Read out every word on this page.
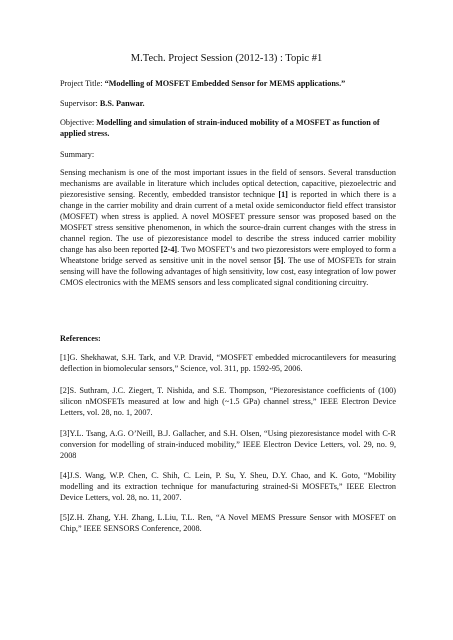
M.Tech. Project Session (2012-13) : Topic #1
Project Title: “Modelling of MOSFET Embedded Sensor for MEMS applications.”
Supervisor: B.S. Panwar.
Objective: Modelling and simulation of strain-induced mobility of a MOSFET as function of applied stress.
Summary:
Sensing mechanism is one of the most important issues in the field of sensors. Several transduction mechanisms are available in literature which includes optical detection, capacitive, piezoelectric and piezoresistive sensing. Recently, embedded transistor technique [1] is reported in which there is a change in the carrier mobility and drain current of a metal oxide semiconductor field effect transistor (MOSFET) when stress is applied. A novel MOSFET pressure sensor was proposed based on the MOSFET stress sensitive phenomenon, in which the source-drain current changes with the stress in channel region. The use of piezoresistance model to describe the stress induced carrier mobility change has also been reported [2-4]. Two MOSFET’s and two piezoresistors were employed to form a Wheatstone bridge served as sensitive unit in the novel sensor [5]. The use of MOSFETs for strain sensing will have the following advantages of high sensitivity, low cost, easy integration of low power CMOS electronics with the MEMS sensors and less complicated signal conditioning circuitry.
References:
[1]G. Shekhawat, S.H. Tark, and V.P. Dravid, “MOSFET embedded microcantilevers for measuring deflection in biomolecular sensors,” Science, vol. 311, pp. 1592-95, 2006.
[2]S. Suthram, J.C. Ziegert, T. Nishida, and S.E. Thompson, “Piezoresistance coefficients of (100) silicon nMOSFETs measured at low and high (~1.5 GPa) channel stress,” IEEE Electron Device Letters, vol. 28, no. 1, 2007.
[3]Y.L. Tsang, A.G. O’Neill, B.J. Gallacher, and S.H. Olsen, “Using piezoresistance model with C-R conversion for modelling of strain-induced mobility,” IEEE Electron Device Letters, vol. 29, no. 9, 2008
[4]J.S. Wang, W.P. Chen, C. Shih, C. Lein, P. Su, Y. Sheu, D.Y. Chao, and K. Goto, “Mobility modelling and its extraction technique for manufacturing strained-Si MOSFETs,” IEEE Electron Device Letters, vol. 28, no. 11, 2007.
[5]Z.H. Zhang, Y.H. Zhang, L.Liu, T.L. Ren, “A Novel MEMS Pressure Sensor with MOSFET on Chip,” IEEE SENSORS Conference, 2008.
